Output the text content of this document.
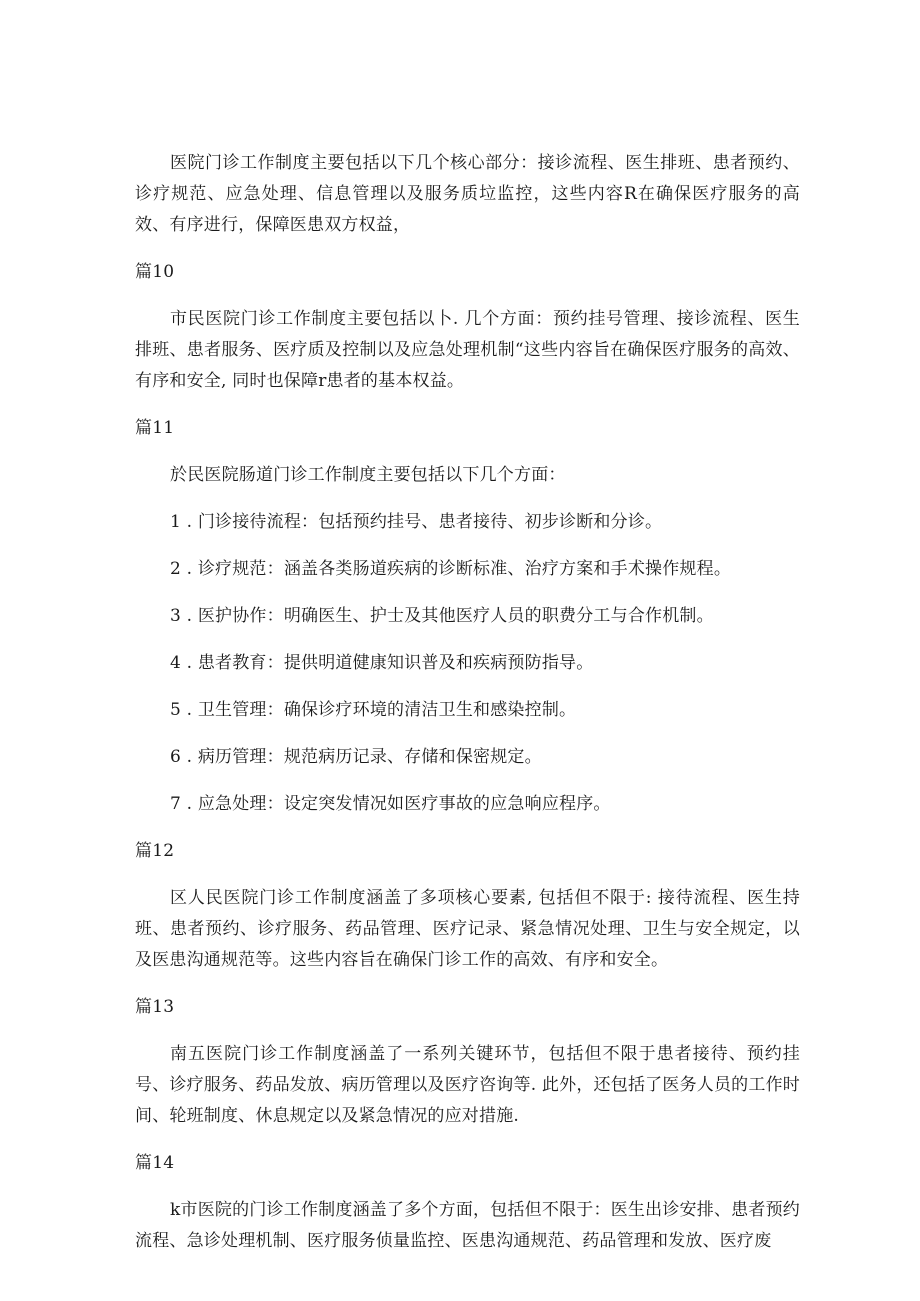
医院门诊工作制度主要包括以下几个核心部分：接诊流程、医生排班、患者预约、诊疗规范、应急处理、信息管理以及服务质垃监控，这些内容R在确保医疗服务的高效、有序进行，保障医患双方权益，

篇10

市民医院门诊工作制度主要包括以卜. 几个方面：预约挂号管理、接诊流程、医生排班、患者服务、医疗质及控制以及应急处理机制“这些内容旨在确保医疗服务的高效、有序和安全, 同时也保障r患者的基本权益。

篇11

於民医院肠道门诊工作制度主要包括以下几个方面：

1 . 门诊接待流程：包括预约挂号、患者接待、初步诊断和分诊。

2 . 诊疗规范：涵盖各类肠道疾病的诊断标准、治疗方案和手术操作规程。

3 . 医护协作：明确医生、护士及其他医疗人员的职费分工与合作机制。

4 . 患者教育：提供明道健康知识普及和疾病预防指导。

5 . 卫生管理：确保诊疗环境的清洁卫生和感染控制。

6 . 病历管理：规范病历记录、存储和保密规定。

7 . 应急处理：设定突发情况如医疗事故的应急响应程序。

篇12

区人民医院门诊工作制度涵盖了多项核心要素, 包括但不限于: 接待流程、医生持班、患者预约、诊疗服务、药品管理、医疗记录、紧急情况处理、卫生与安全规定，以及医患沟通规范等。这些内容旨在确保门诊工作的高效、有序和安全。

篇13

南五医院门诊工作制度涵盖了一系列关键环节，包括但不限于患者接待、预约挂号、诊疗服务、药品发放、病历管理以及医疗咨询等. 此外，还包括了医务人员的工作时间、轮班制度、休息规定以及紧急情况的应对措施.

篇14

k市医院的门诊工作制度涵盖了多个方面，包括但不限于：医生出诊安排、患者预约流程、急诊处理机制、医疗服务侦量监控、医患沟通规范、药品管理和发放、医疗废
